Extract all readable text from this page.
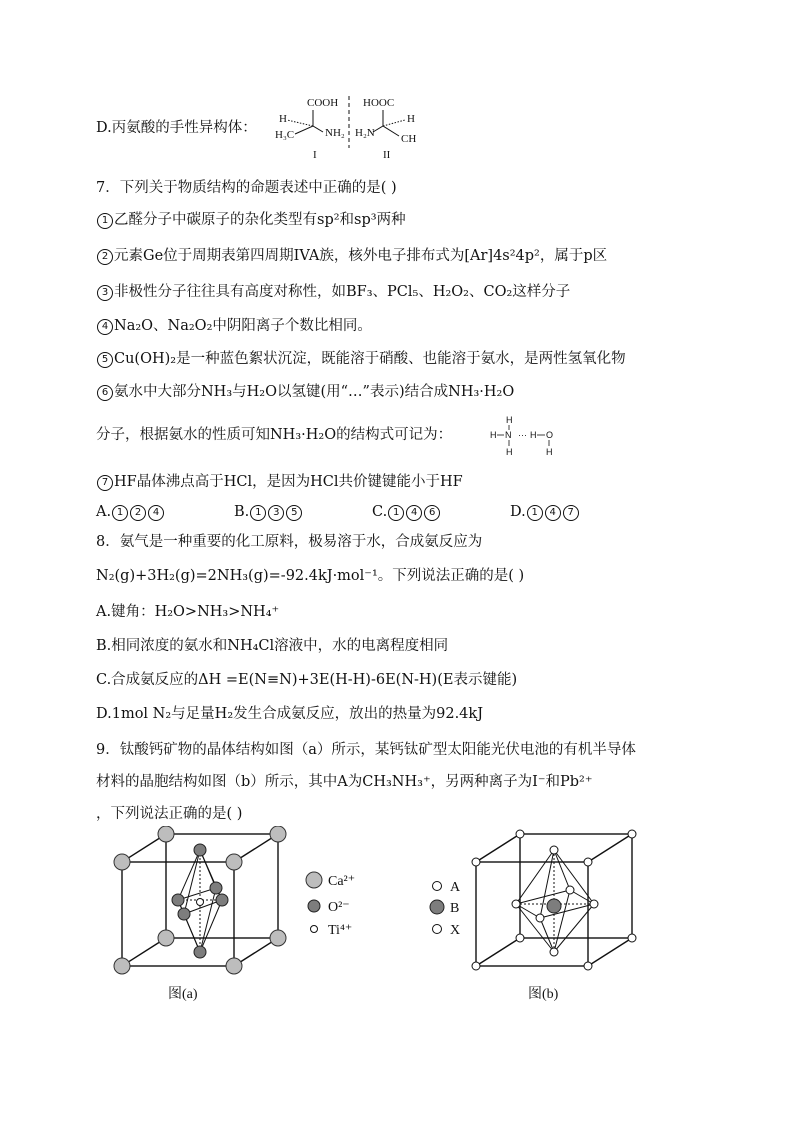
D.丙氨酸的手性异构体：
COOH
H
NH₂
H₃C
I
HOOC
H
H₂N CH
II
7．下列关于物质结构的命题表述中正确的是( )
1 乙醛分子中碳原子的杂化类型有sp²和sp³两种
2 元素Ge位于周期表第四周期IVA族，核外电子排布式为[Ar]4s²4p²，属于p区
3 非极性分子往往具有高度对称性，如BF₃、PCl₅、H₂O₂、CO₂这样分子
4 Na₂O、Na₂O₂中阴阳离子个数比相同。
5 Cu(OH)₂是一种蓝色絮状沉淀，既能溶于硝酸、也能溶于氨水，是两性氢氧化物
6 氨水中大部分NH₃与H₂O以氢键(用“…”表示)结合成NH₃·H₂O
分子，根据氨水的性质可知NH₃·H₂O的结构式可记为：
H
H N ··· H O
H	H
7 HF晶体沸点高于HCl，是因为HCl共价键键能小于HF
A. 1 2 4	B. 1 3 5	C. 1 4 6	D. 1 4 7
8．氨气是一种重要的化工原料，极易溶于水，合成氨反应为
N₂(g)+3H₂(g)=2NH₃(g)=-92.4kJ·mol⁻¹。下列说法正确的是( )
A.键角：H₂O>NH₃>NH₄⁺
B.相同浓度的氨水和NH₄Cl溶液中，水的电离程度相同
C.合成氨反应的ΔH =E(N≡N)+3E(H-H)-6E(N-H)(E表示键能)
D.1mol N₂与足量H₂发生合成氨反应，放出的热量为92.4kJ
9．钛酸钙矿物的晶体结构如图（a）所示，某钙钛矿型太阳能光伏电池的有机半导体
材料的晶胞结构如图（b）所示，其中A为CH₃NH₃⁺，另两种离子为I⁻和Pb²⁺
，下列说法正确的是( )
Ca²⁺
O²⁻
Ti⁴⁺
图(a)
A
B
X
图(b)
